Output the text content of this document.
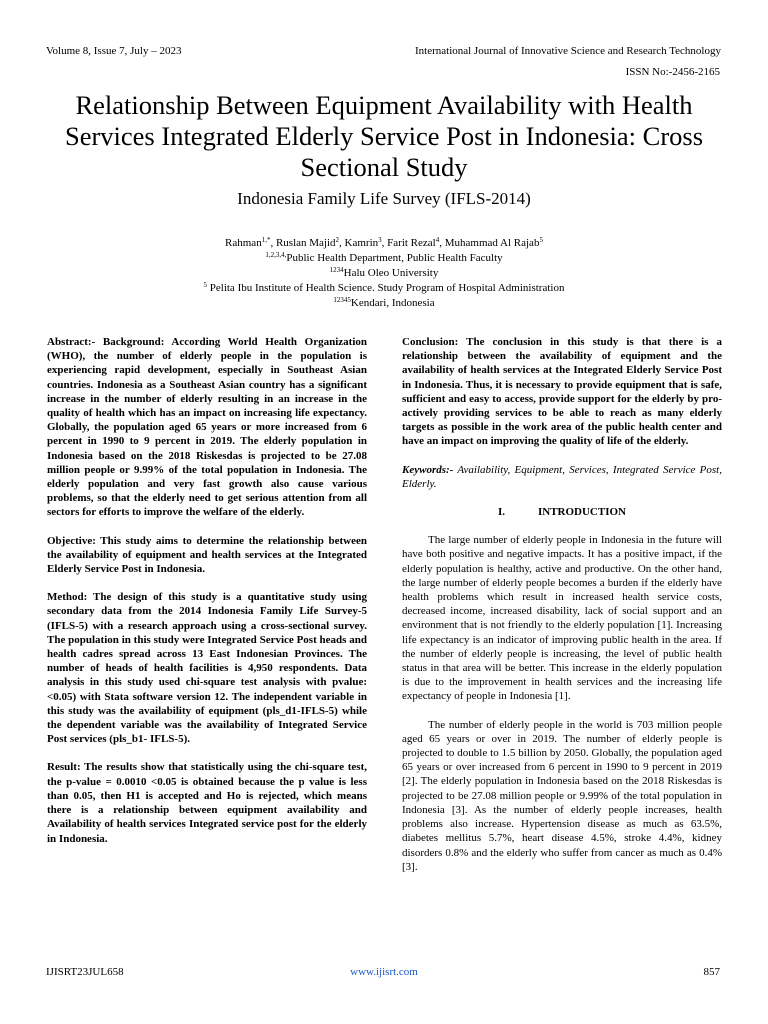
Volume 8, Issue 7, July – 2023	International Journal of Innovative Science and Research Technology
ISSN No:-2456-2165
Relationship Between Equipment Availability with Health Services Integrated Elderly Service Post in Indonesia: Cross Sectional Study
Indonesia Family Life Survey (IFLS-2014)
Rahman$^{1,*}$, Ruslan Majid$^2$, Kamrin$^3$, Farit Rezal$^4$, Muhammad Al Rajab$^5$
$^{1,2,3,4,}$Public Health Department, Public Health Faculty
$^{1234}$Halu Oleo University
$^5$ Pelita Ibu Institute of Health Science. Study Program of Hospital Administration
$^{12345}$Kendari, Indonesia

Abstract:- Background: According World Health Organization (WHO), the number of elderly people in the population is experiencing rapid development, especially in Southeast Asian countries. Indonesia as a Southeast Asian country has a significant increase in the number of elderly resulting in an increase in the quality of health which has an impact on increasing life expectancy. Globally, the population aged 65 years or more increased from 6 percent in 1990 to 9 percent in 2019. The elderly population in Indonesia based on the 2018 Riskesdas is projected to be 27.08 million people or 9.99% of the total population in Indonesia. The elderly population and very fast growth also cause various problems, so that the elderly need to get serious attention from all sectors for efforts to improve the welfare of the elderly.

Objective: This study aims to determine the relationship between the availability of equipment and health services at the Integrated Elderly Service Post in Indonesia.

Method: The design of this study is a quantitative study using secondary data from the 2014 Indonesia Family Life Survey-5 (IFLS-5) with a research approach using a cross-sectional survey. The population in this study were Integrated Service Post heads and health cadres spread across 13 East Indonesian Provinces. The number of heads of health facilities is 4,950 respondents. Data analysis in this study used chi-square test analysis with pvalue: <0.05) with Stata software version 12. The independent variable in this study was the availability of equipment (pls_d1-IFLS-5) while the dependent variable was the availability of Integrated Service Post services (pls_b1- IFLS-5).

Result: The results show that statistically using the chi-square test, the p-value = 0.0010 <0.05 is obtained because the p value is less than 0.05, then H1 is accepted and Ho is rejected, which means there is a relationship between equipment availability and Availability of health services Integrated service post for the elderly in Indonesia.

Conclusion: The conclusion in this study is that there is a relationship between the availability of equipment and the availability of health services at the Integrated Elderly Service Post in Indonesia. Thus, it is necessary to provide equipment that is safe, sufficient and easy to access, provide support for the elderly by pro-actively providing services to be able to reach as many elderly targets as possible in the work area of the public health center and have an impact on improving the quality of life of the elderly.

Keywords:- Availability, Equipment, Services, Integrated Service Post, Elderly.

I.	INTRODUCTION

The large number of elderly people in Indonesia in the future will have both positive and negative impacts. It has a positive impact, if the elderly population is healthy, active and productive. On the other hand, the large number of elderly people becomes a burden if the elderly have health problems which result in increased health service costs, decreased income, increased disability, lack of social support and an environment that is not friendly to the elderly population [1]. Increasing life expectancy is an indicator of improving public health in the area. If the number of elderly people is increasing, the level of public health status in that area will be better. This increase in the elderly population is due to the improvement in health services and the increasing life expectancy of people in Indonesia [1].

The number of elderly people in the world is 703 million people aged 65 years or over in 2019. The number of elderly people is projected to double to 1.5 billion by 2050. Globally, the population aged 65 years or over increased from 6 percent in 1990 to 9 percent in 2019 [2]. The elderly population in Indonesia based on the 2018 Riskesdas is projected to be 27.08 million people or 9.99% of the total population in Indonesia [3]. As the number of elderly people increases, health problems also increase. Hypertension disease as much as 63.5%, diabetes mellitus 5.7%, heart disease 4.5%, stroke 4.4%, kidney disorders 0.8% and the elderly who suffer from cancer as much as 0.4% [3].

IJISRT23JUL658	www.ijisrt.com	857
